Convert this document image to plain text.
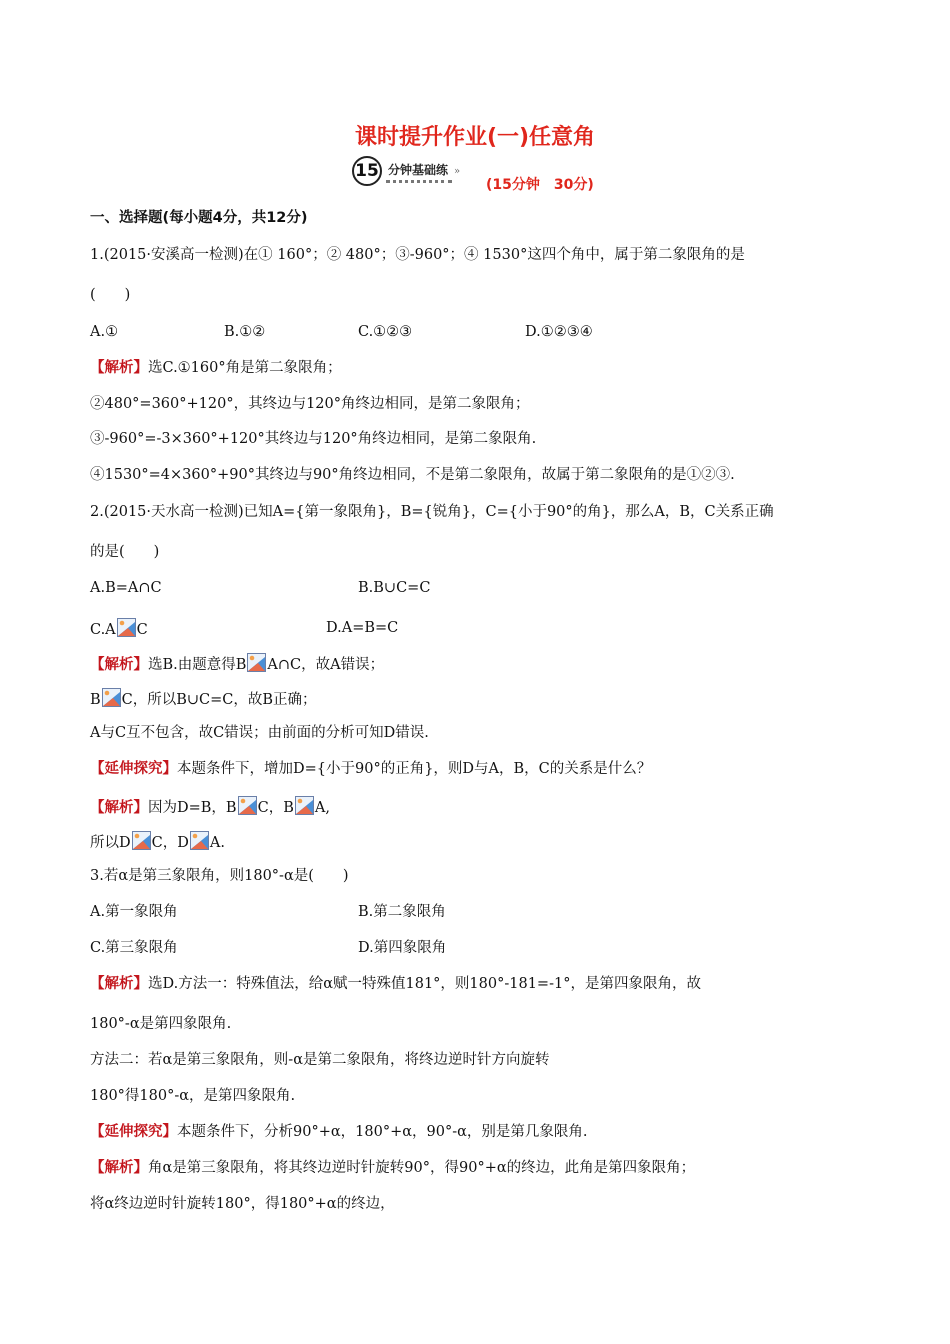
课时提升作业(一)任意角
15 分钟基础练 »
(15分钟　30分)
一、选择题(每小题4分，共12分)
1.(2015·安溪高一检测)在① 160°；② 480°；③-960°；④ 1530°这四个角中，属于第二象限角的是
(　　)
A.①	B.①②	C.①②③	D.①②③④
【解析】选C.①160°角是第二象限角；
②480°=360°+120°，其终边与120°角终边相同，是第二象限角；
③-960°=-3×360°+120°其终边与120°角终边相同，是第二象限角.
④1530°=4×360°+90°其终边与90°角终边相同，不是第二象限角，故属于第二象限角的是①②③.
2.(2015·天水高一检测)已知A={第一象限角}，B={锐角}，C={小于90°的角}，那么A，B，C关系正确
的是(　　)
A.B=A∩C	B.B∪C=C
C.A C	D.A=B=C
【解析】选B.由题意得B A∩C，故A错误；
B C，所以B∪C=C，故B正确；
A与C互不包含，故C错误；由前面的分析可知D错误.
【延伸探究】本题条件下，增加D={小于90°的正角}，则D与A，B，C的关系是什么？
【解析】因为D=B，B C，B A,
所以D C，D A.
3.若α是第三象限角，则180°-α是(　　)
A.第一象限角	B.第二象限角
C.第三象限角	D.第四象限角
【解析】选D.方法一：特殊值法，给α赋一特殊值181°，则180°-181=-1°，是第四象限角，故
180°-α是第四象限角.
方法二：若α是第三象限角，则-α是第二象限角，将终边逆时针方向旋转
180°得180°-α，是第四象限角.
【延伸探究】本题条件下，分析90°+α，180°+α，90°-α，别是第几象限角.
【解析】角α是第三象限角，将其终边逆时针旋转90°，得90°+α的终边，此角是第四象限角；
将α终边逆时针旋转180°，得180°+α的终边，
